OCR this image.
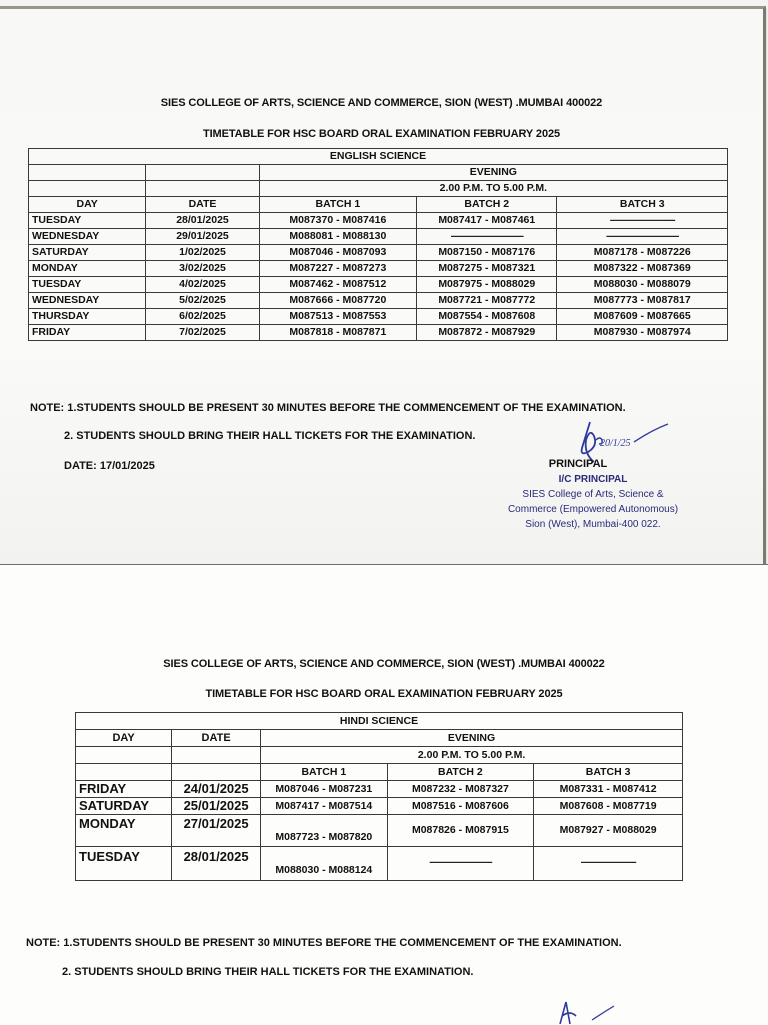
SIES COLLEGE OF ARTS, SCIENCE AND COMMERCE, SION (WEST) .MUMBAI 400022
TIMETABLE FOR HSC BOARD ORAL EXAMINATION FEBRUARY 2025
ENGLISH SCIENCE				
		EVENING		
		2.00 P.M. TO 5.00 P.M.		
DAY	DATE	BATCH 1	BATCH 2	BATCH 3
TUESDAY	28/01/2025	M087370 - M087416	M087417 - M087461	--------------------------
WEDNESDAY	29/01/2025	M088081 - M088130	-----------------------------	-----------------------------
SATURDAY	1/02/2025	M087046 - M087093	M087150 - M087176	M087178 - M087226
MONDAY	3/02/2025	M087227 - M087273	M087275 - M087321	M087322 - M087369
TUESDAY	4/02/2025	M087462 - M087512	M087975 - M088029	M088030 - M088079
WEDNESDAY	5/02/2025	M087666 - M087720	M087721 - M087772	M087773 - M087817
THURSDAY	6/02/2025	M087513 - M087553	M087554 - M087608	M087609 - M087665
FRIDAY	7/02/2025	M087818 - M087871	M087872 - M087929	M087930 - M087974
NOTE: 1.STUDENTS SHOULD BE PRESENT 30 MINUTES BEFORE THE COMMENCEMENT OF THE EXAMINATION.
2. STUDENTS SHOULD BRING THEIR HALL TICKETS FOR THE EXAMINATION.
DATE: 17/01/2025
20/1/25
PRINCIPAL
I/C PRINCIPAL
SIES College of Arts, Science &
Commerce (Empowered Autonomous)
Sion (West), Mumbai-400 022.
SIES COLLEGE OF ARTS, SCIENCE AND COMMERCE, SION (WEST) .MUMBAI 400022
TIMETABLE FOR HSC BOARD ORAL EXAMINATION FEBRUARY 2025
HINDI SCIENCE				
DAY	DATE	EVENING		
		2.00 P.M. TO 5.00 P.M.		
		BATCH 1	BATCH 2	BATCH 3
FRIDAY	24/01/2025	M087046 - M087231	M087232 - M087327	M087331 - M087412
SATURDAY	25/01/2025	M087417 - M087514	M087516 - M087606	M087608 - M087719
MONDAY	27/01/2025	M087723 - M087820	M087826 - M087915	M087927 - M088029
TUESDAY	28/01/2025	M088030 - M088124	-------------------------	----------------------
NOTE: 1.STUDENTS SHOULD BE PRESENT 30 MINUTES BEFORE THE COMMENCEMENT OF THE EXAMINATION.
2. STUDENTS SHOULD BRING THEIR HALL TICKETS FOR THE EXAMINATION.
